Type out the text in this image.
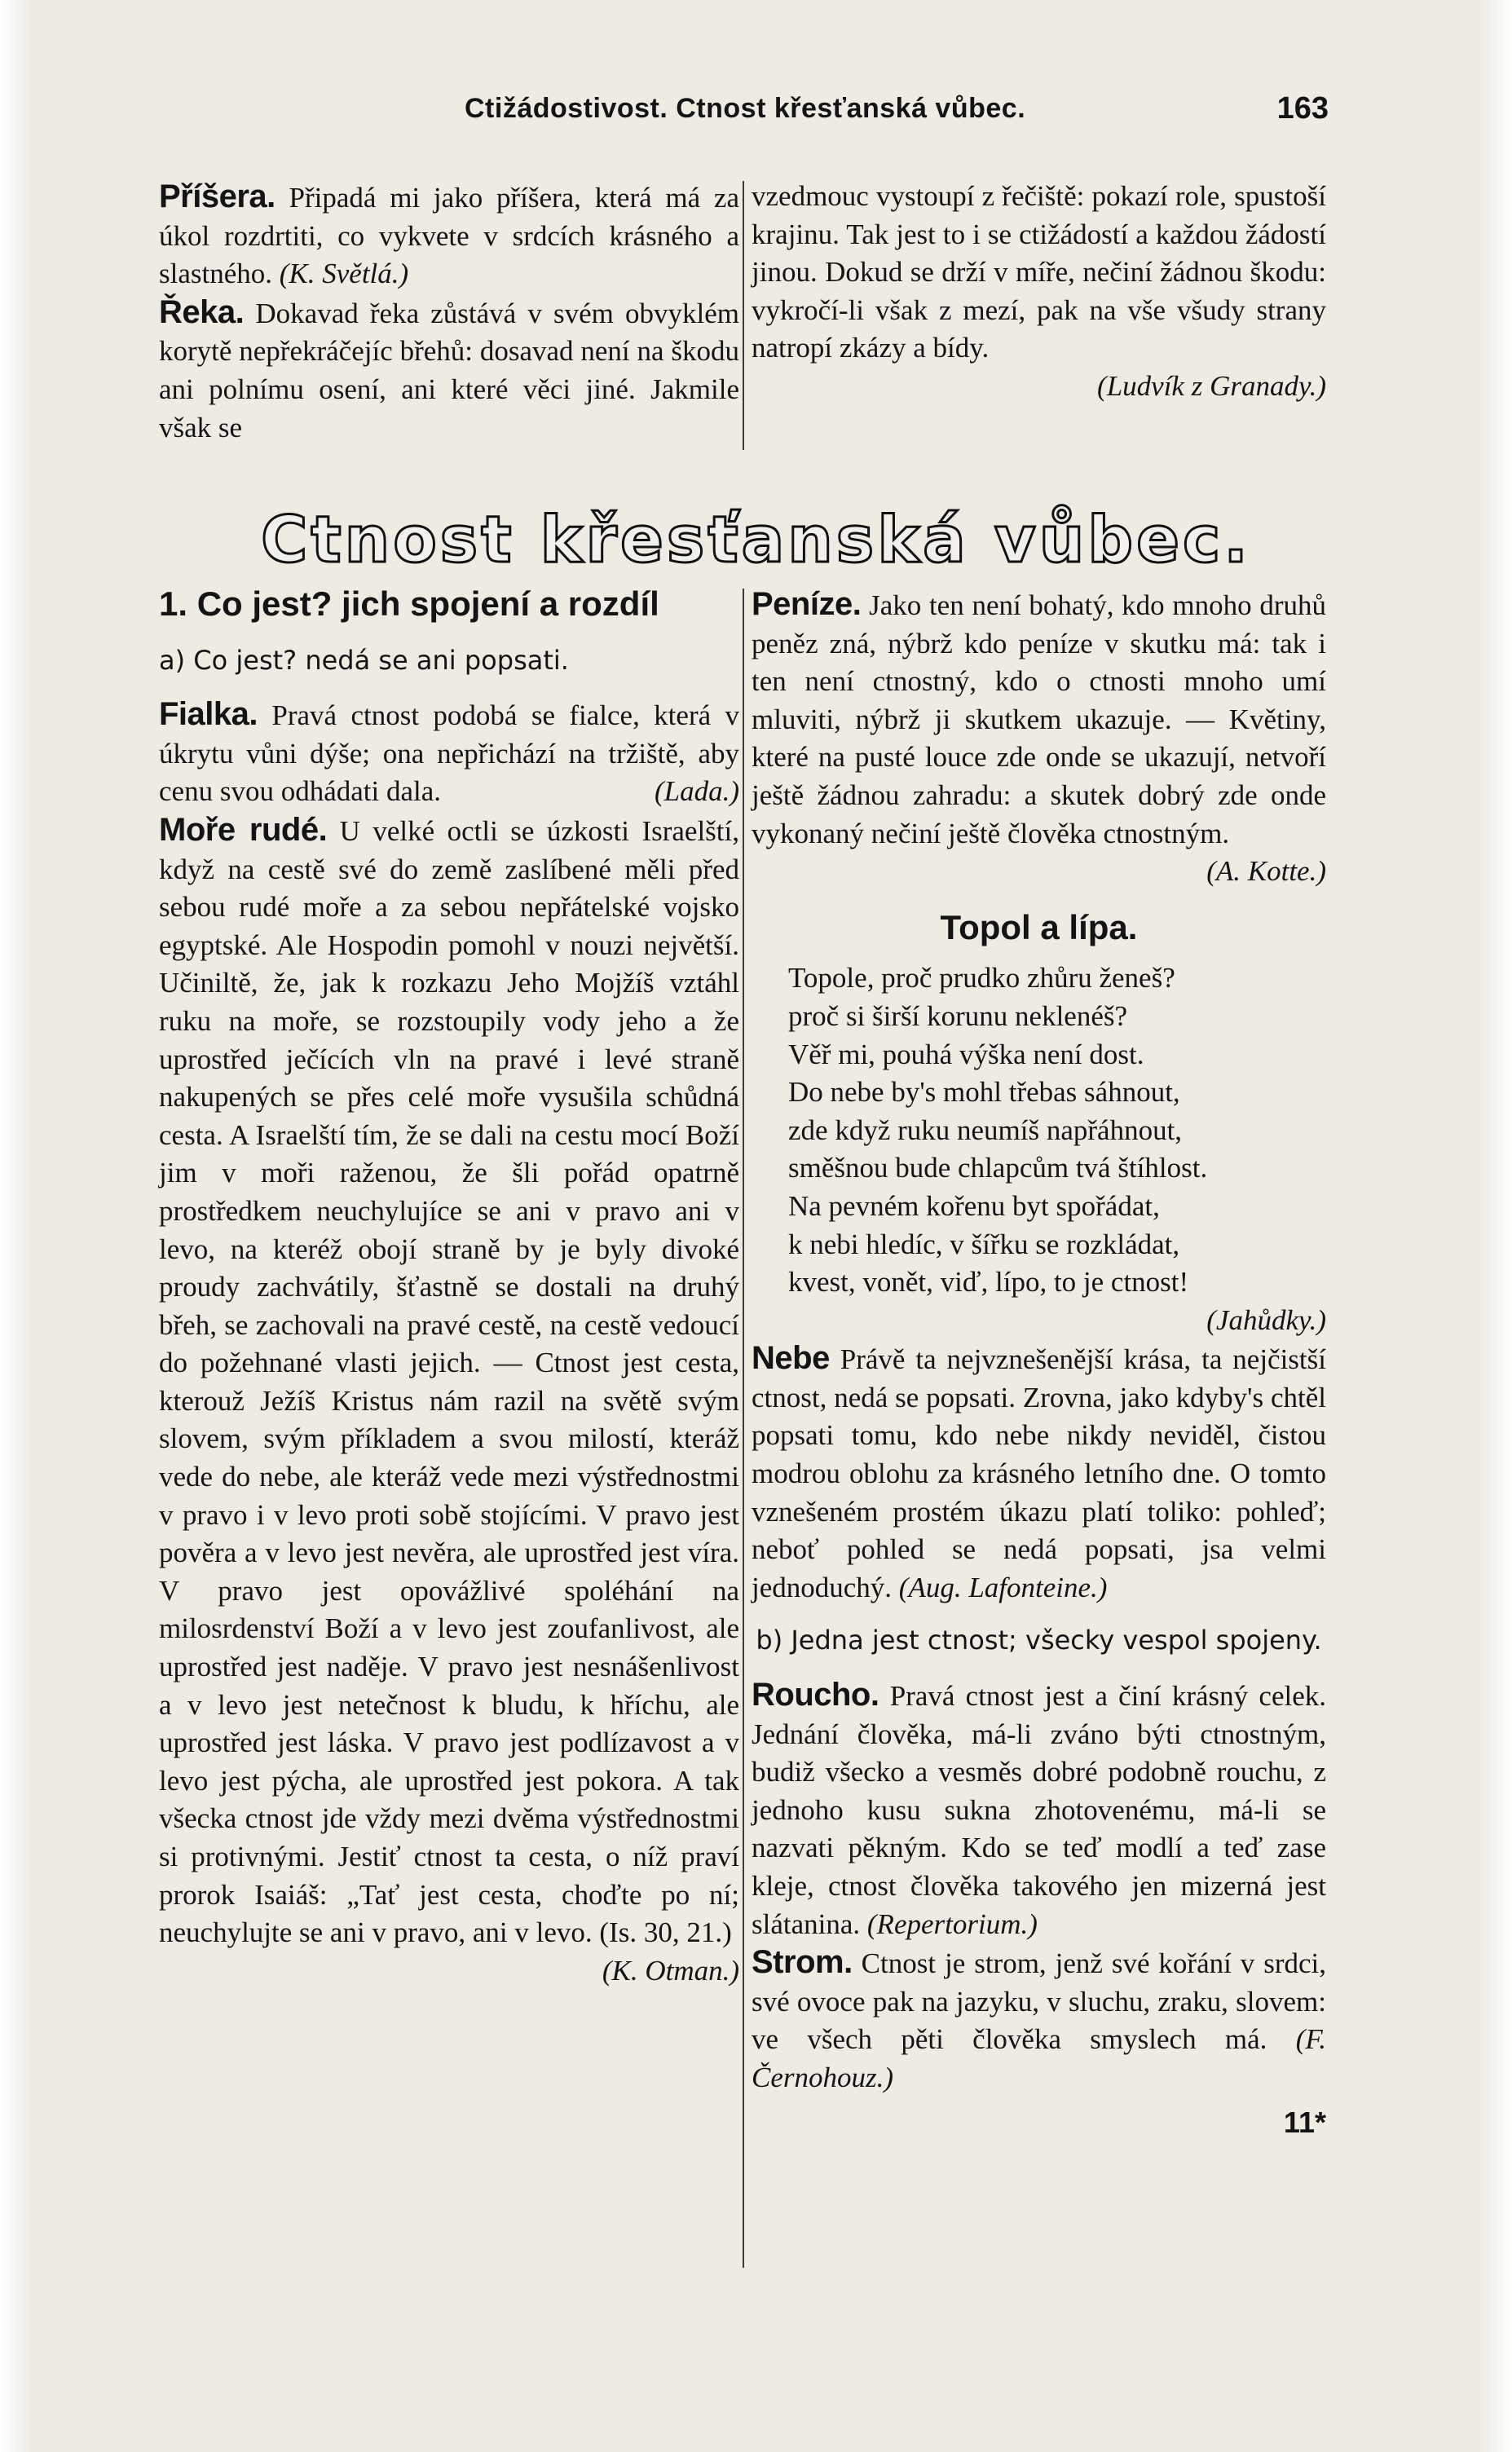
Ctižádostivost. Ctnost křesťanská vůbec.	163

Příšera. Připadá mi jako příšera, která má za úkol rozdrtiti, co vykvete v srdcích krásného a slastného. (K. Světlá.)

Řeka. Dokavad řeka zůstává v svém obvyklém korytě nepřekráčejíc břehů: dosavad není na škodu ani polnímu osení, ani které věci jiné. Jakmile však se

vzedmouc vystoupí z řečiště: pokazí role, spustoší krajinu. Tak jest to i se ctižádostí a každou žádostí jinou. Dokud se drží v míře, nečiní žádnou škodu: vykročí-li však z mezí, pak na vše všudy strany natropí zkázy a bídy.
(Ludvík z Granady.)

Ctnost křesťanská vůbec.
1. Co jest? jich spojení a rozdíl
a) Co jest? nedá se ani popsati.

Fialka. Pravá ctnost podobá se fialce, která v úkrytu vůni dýše; ona nepřichází na tržiště, aby cenu svou odhádati dala.	(Lada.)

Moře rudé. U velké octli se úzkosti Israelští, když na cestě své do země zaslíbené měli před sebou rudé moře a za sebou nepřátelské vojsko egyptské. Ale Hospodin pomohl v nouzi největší. Učiniltě, že, jak k rozkazu Jeho Mojžíš vztáhl ruku na moře, se rozstoupily vody jeho a že uprostřed ječících vln na pravé i levé straně nakupených se přes celé moře vysušila schůdná cesta. A Israelští tím, že se dali na cestu mocí Boží jim v moři raženou, že šli pořád opatrně prostředkem neuchylujíce se ani v pravo ani v levo, na kteréž obojí straně by je byly divoké proudy zachvátily, šťastně se dostali na druhý břeh, se zachovali na pravé cestě, na cestě vedoucí do požehnané vlasti jejich. — Ctnost jest cesta, kterouž Ježíš Kristus nám razil na světě svým slovem, svým příkladem a svou milostí, kteráž vede do nebe, ale kteráž vede mezi výstřednostmi v pravo i v levo proti sobě stojícími. V pravo jest pověra a v levo jest nevěra, ale uprostřed jest víra. V pravo jest opovážlivé spoléhání na milosrdenství Boží a v levo jest zoufanlivost, ale uprostřed jest naděje. V pravo jest nesnášenlivost a v levo jest netečnost k bludu, k hříchu, ale uprostřed jest láska. V pravo jest podlízavost a v levo jest pýcha, ale uprostřed jest pokora. A tak všecka ctnost jde vždy mezi dvěma výstřednostmi si protivnými. Jestiť ctnost ta cesta, o níž praví prorok Isaiáš: „Tať jest cesta, choďte po ní; neuchylujte se ani v pravo, ani v levo. (Is. 30, 21.)
(K. Otman.)

Peníze. Jako ten není bohatý, kdo mnoho druhů peněz zná, nýbrž kdo peníze v skutku má: tak i ten není ctnostný, kdo o ctnosti mnoho umí mluviti, nýbrž ji skutkem ukazuje. — Květiny, které na pusté louce zde onde se ukazují, netvoří ještě žádnou zahradu: a skutek dobrý zde onde vykonaný nečiní ještě člověka ctnostným.
(A. Kotte.)

Topol a lípa.
Topole, proč prudko zhůru ženeš?
proč si širší korunu neklenéš?
Věř mi, pouhá výška není dost.
Do nebe by's mohl třebas sáhnout,
zde když ruku neumíš napřáhnout,
směšnou bude chlapcům tvá štíhlost.
Na pevném kořenu byt spořádat,
k nebi hledíc, v šířku se rozkládat,
kvest, vonět, viď, lípo, to je ctnost!
(Jahůdky.)

Nebe Právě ta nejvznešenější krása, ta nejčistší ctnost, nedá se popsati. Zrovna, jako kdyby's chtěl popsati tomu, kdo nebe nikdy neviděl, čistou modrou oblohu za krásného letního dne. O tomto vznešeném prostém úkazu platí toliko: pohleď; neboť pohled se nedá popsati, jsa velmi jednoduchý. (Aug. Lafonteine.)

b) Jedna jest ctnost; všecky vespol spojeny.

Roucho. Pravá ctnost jest a činí krásný celek. Jednání člověka, má-li zváno býti ctnostným, budiž všecko a vesměs dobré podobně rouchu, z jednoho kusu sukna zhotovenému, má-li se nazvati pěkným. Kdo se teď modlí a teď zase kleje, ctnost člověka takového jen mizerná jest slátanina. (Repertorium.)

Strom. Ctnost je strom, jenž své kořání v srdci, své ovoce pak na jazyku, v sluchu, zraku, slovem: ve všech pěti člověka smyslech má. (F. Černohouz.)

11*
